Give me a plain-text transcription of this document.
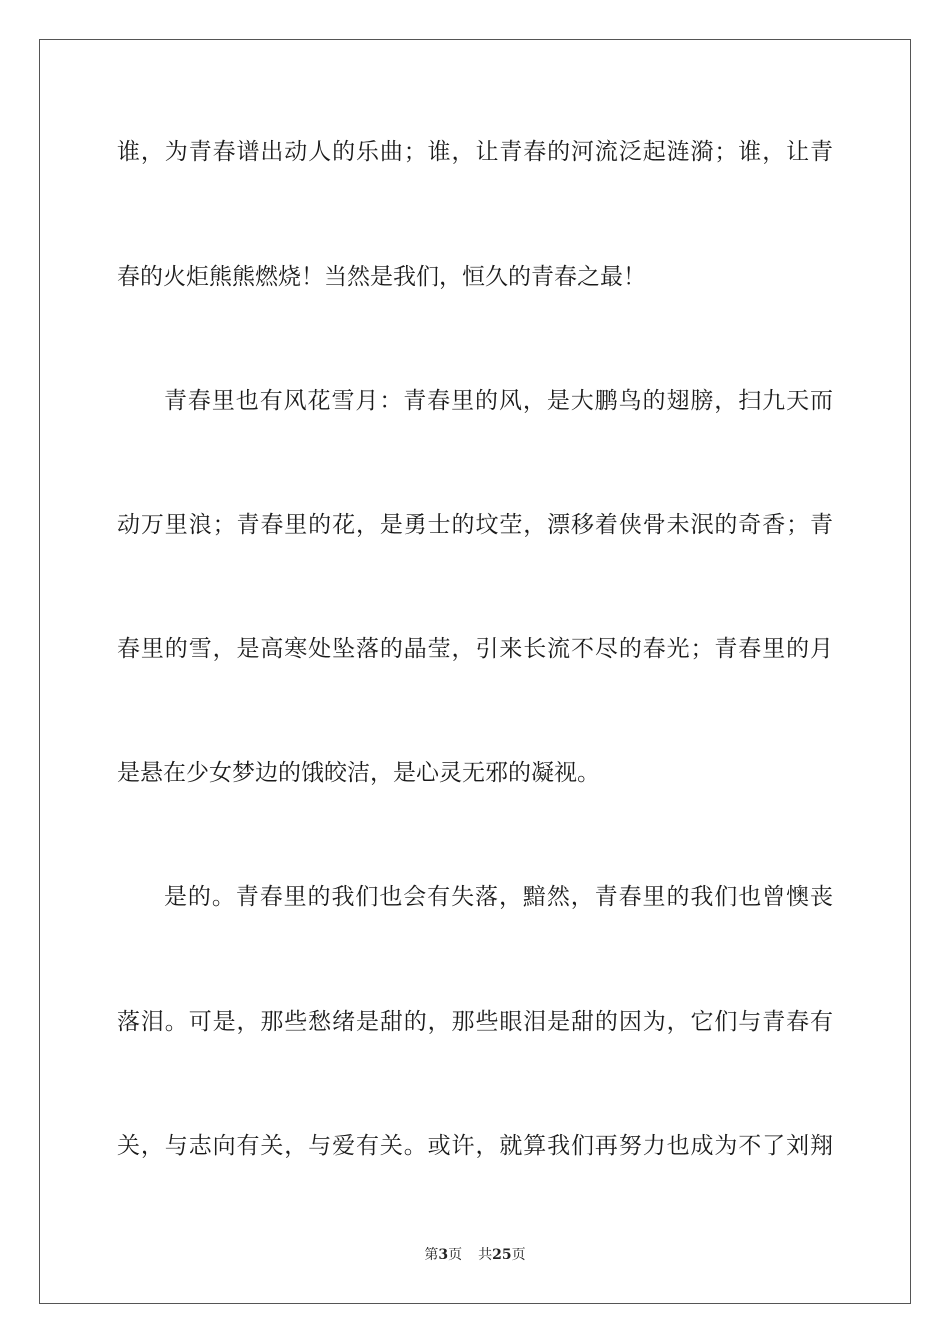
谁，为青春谱出动人的乐曲；谁，让青春的河流泛起涟漪；谁，让青
春的火炬熊熊燃烧！当然是我们，恒久的青春之最！
青春里也有风花雪月：青春里的风，是大鹏鸟的翅膀，扫九天而
动万里浪；青春里的花，是勇士的坟茔，漂移着侠骨未泯的奇香；青
春里的雪，是高寒处坠落的晶莹，引来长流不尽的春光；青春里的月
是悬在少女梦边的饿皎洁，是心灵无邪的凝视。
是的。青春里的我们也会有失落，黯然，青春里的我们也曾懊丧
落泪。可是，那些愁绪是甜的，那些眼泪是甜的因为，它们与青春有
关，与志向有关，与爱有关。或许，就算我们再努力也成为不了刘翔
第3页 共25页
